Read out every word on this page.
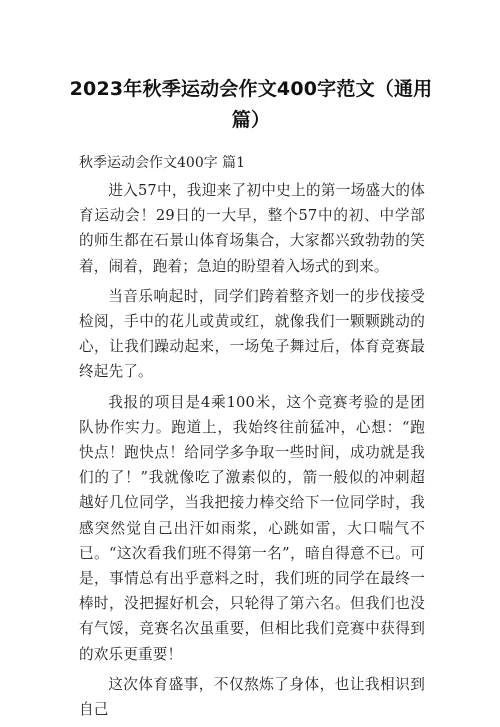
2023年秋季运动会作文400字范文（通用篇）
秋季运动会作文400字 篇1

进入57中，我迎来了初中史上的第一场盛大的体育运动会！29日的一大早，整个57中的初、中学部的师生都在石景山体育场集合，大家都兴致勃勃的笑着，闹着，跑着；急迫的盼望着入场式的到来。

当音乐响起时，同学们跨着整齐划一的步伐接受检阅，手中的花儿或黄或红，就像我们一颗颗跳动的心，让我们躁动起来，一场兔子舞过后，体育竞赛最终起先了。

我报的项目是4乘100米，这个竞赛考验的是团队协作实力。跑道上，我始终往前猛冲，心想：“跑快点！跑快点！给同学多争取一些时间，成功就是我们的了！”我就像吃了激素似的，箭一般似的冲刺超越好几位同学，当我把接力棒交给下一位同学时，我感突然觉自己出汗如雨浆，心跳如雷，大口喘气不已。“这次看我们班不得第一名”，暗自得意不已。可是，事情总有出乎意料之时，我们班的同学在最终一棒时，没把握好机会，只轮得了第六名。但我们也没有气馁，竞赛名次虽重要，但相比我们竞赛中获得到的欢乐更重要！

这次体育盛事，不仅熬炼了身体，也让我相识到自己
